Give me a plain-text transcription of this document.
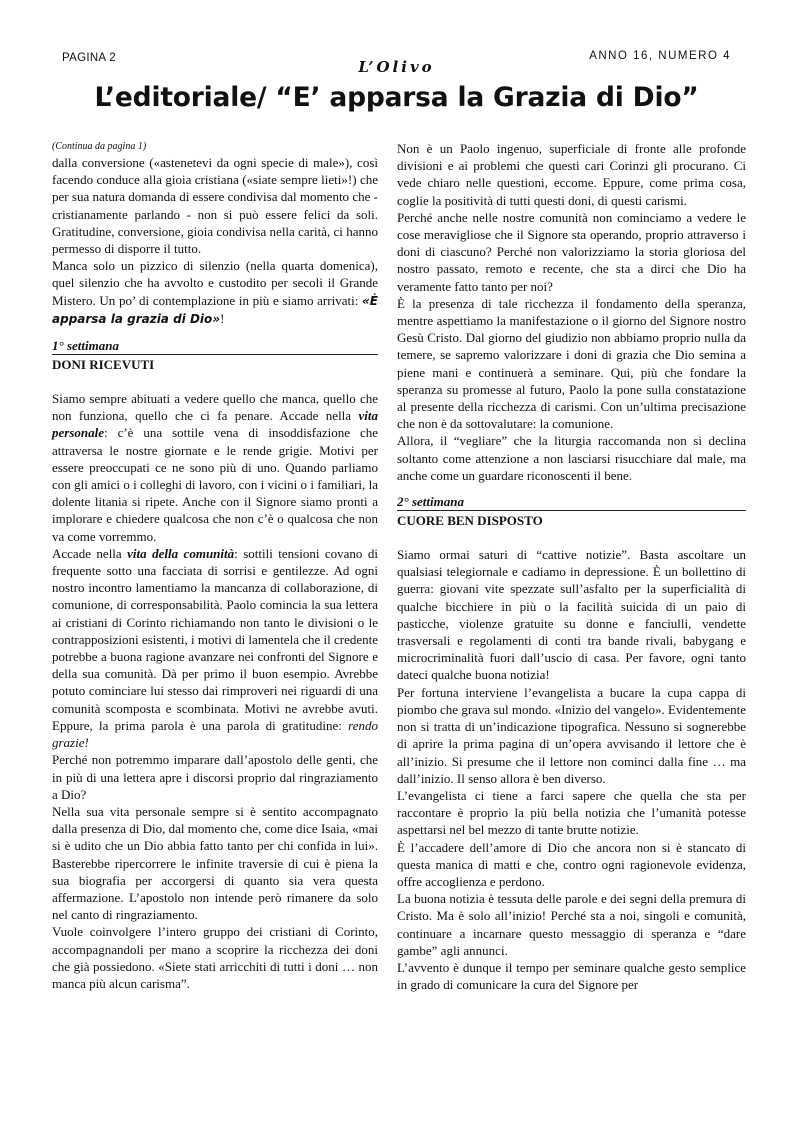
PAGINA 2	ANNO 16, NUMERO 4
L’Olivo
L’editoriale/ “E’ apparsa la Grazia di Dio”

(Continua da pagina 1)

dalla conversione («astenetevi da ogni specie di male»), così facendo conduce alla gioia cristiana («siate sempre lieti»!) che per sua natura domanda di essere condivisa dal momento che - cristianamente parlando - non si può essere felici da soli. Gratitudine, conversione, gioia condivisa nella carità, ci hanno permesso di disporre il tutto.

Manca solo un pizzico di silenzio (nella quarta domenica), quel silenzio che ha avvolto e custodito per secoli il Grande Mistero. Un po’ di contemplazione in più e siamo arrivati: «È apparsa la grazia di Dio»!

1° settimana

DONI RICEVUTI

Siamo sempre abituati a vedere quello che manca, quello che non funziona, quello che ci fa penare. Accade nella vita personale: c’è una sottile vena di insoddisfazione che attraversa le nostre giornate e le rende grigie. Motivi per essere preoccupati ce ne sono più di uno. Quando parliamo con gli amici o i colleghi di lavoro, con i vicini o i familiari, la dolente litania si ripete. Anche con il Signore siamo pronti a implorare e chiedere qualcosa che non c’è o qualcosa che non va come vorremmo.

Accade nella vita della comunità: sottili tensioni covano di frequente sotto una facciata di sorrisi e gentilezze. Ad ogni nostro incontro lamentiamo la mancanza di collaborazione, di comunione, di corresponsabilità. Paolo comincia la sua lettera ai cristiani di Corinto richiamando non tanto le divisioni o le contrapposizioni esistenti, i motivi di lamentela che il credente potrebbe a buona ragione avanzare nei confronti del Signore e della sua comunità. Dà per primo il buon esempio. Avrebbe potuto cominciare lui stesso dai rimproveri nei riguardi di una comunità scomposta e scombinata. Motivi ne avrebbe avuti. Eppure, la prima parola è una parola di gratitudine: rendo grazie!

Perché non potremmo imparare dall’apostolo delle genti, che in più di una lettera apre i discorsi proprio dal ringraziamento a Dio?

Nella sua vita personale sempre si è sentito accompagnato dalla presenza di Dio, dal momento che, come dice Isaia, «mai si è udito che un Dio abbia fatto tanto per chi confida in lui». Basterebbe ripercorrere le infinite traversie di cui è piena la sua biografia per accorgersi di quanto sia vera questa affermazione. L’apostolo non intende però rimanere da solo nel canto di ringraziamento.

Vuole coinvolgere l’intero gruppo dei cristiani di Corinto, accompagnandoli per mano a scoprire la ricchezza dei doni che già possiedono. «Siete stati arricchiti di tutti i doni … non manca più alcun carisma”.

Non è un Paolo ingenuo, superficiale di fronte alle profonde divisioni e ai problemi che questi cari Corinzi gli procurano. Ci vede chiaro nelle questioni, eccome. Eppure, come prima cosa, coglie la positività di tutti questi doni, di questi carismi.

Perché anche nelle nostre comunità non cominciamo a vedere le cose meravigliose che il Signore sta operando, proprio attraverso i doni di ciascuno? Perché non valorizziamo la storia gloriosa del nostro passato, remoto e recente, che sta a dirci che Dio ha veramente fatto tanto per noi?

È la presenza di tale ricchezza il fondamento della speranza, mentre aspettiamo la manifestazione o il giorno del Signore nostro Gesù Cristo. Dal giorno del giudizio non abbiamo proprio nulla da temere, se sapremo valorizzare i doni di grazia che Dio semina a piene mani e continuerà a seminare. Qui, più che fondare la speranza su promesse al futuro, Paolo la pone sulla constatazione al presente della ricchezza di carismi. Con un’ultima precisazione che non è da sottovalutare: la comunione.

Allora, il “vegliare” che la liturgia raccomanda non si declina soltanto come attenzione a non lasciarsi risucchiare dal male, ma anche come un guardare riconoscenti il bene.

2° settimana

CUORE BEN DISPOSTO

Siamo ormai saturi di “cattive notizie”. Basta ascoltare un qualsiasi telegiornale e cadiamo in depressione. È un bollettino di guerra: giovani vite spezzate sull’asfalto per la superficialità di qualche bicchiere in più o la facilità suicida di un paio di pasticche, violenze gratuite su donne e fanciulli, vendette trasversali e regolamenti di conti tra bande rivali, babygang e microcriminalità fuori dall’uscio di casa. Per favore, ogni tanto dateci qualche buona notizia!

Per fortuna interviene l’evangelista a bucare la cupa cappa di piombo che grava sul mondo. «Inizio del vangelo». Evidentemente non si tratta di un’indicazione tipografica. Nessuno si sognerebbe di aprire la prima pagina di un’opera avvisando il lettore che è all’inizio. Si presume che il lettore non cominci dalla fine … ma dall’inizio. Il senso allora è ben diverso.

L’evangelista ci tiene a farci sapere che quella che sta per raccontare è proprio la più bella notizia che l’umanità potesse aspettarsi nel bel mezzo di tante brutte notizie.

È l’accadere dell’amore di Dio che ancora non si è stancato di questa manica di matti e che, contro ogni ragionevole evidenza, offre accoglienza e perdono.

La buona notizia è tessuta delle parole e dei segni della premura di Cristo. Ma è solo all’inizio! Perché sta a noi, singoli e comunità, continuare a incarnare questo messaggio di speranza e “dare gambe” agli annunci.

L’avvento è dunque il tempo per seminare qualche gesto semplice in grado di comunicare la cura del Signore per
